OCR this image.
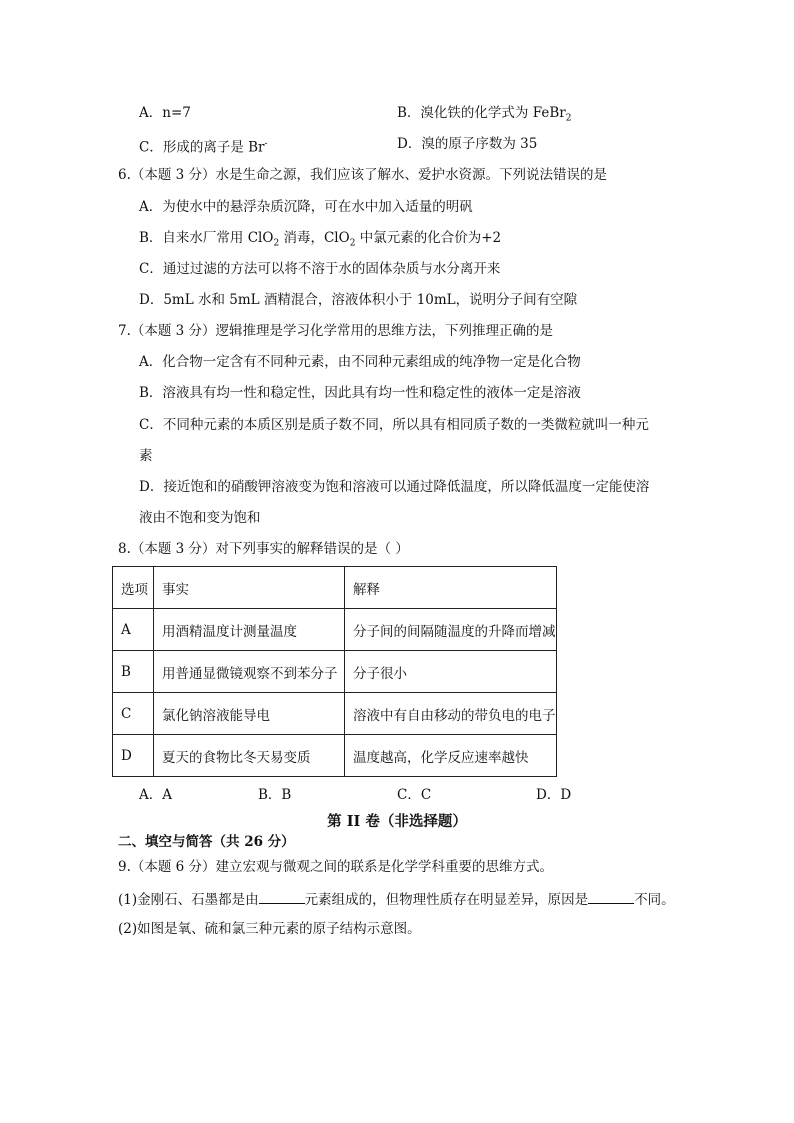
A．n=7	B．溴化铁的化学式为 FeBr$_2$
C．形成的离子是 Br-	D．溴的原子序数为 35
6.（本题 3 分）水是生命之源，我们应该了解水、爱护水资源。下列说法错误的是
A．为使水中的悬浮杂质沉降，可在水中加入适量的明矾
B．自来水厂常用 ClO$_2$ 消毒，ClO$_2$ 中氯元素的化合价为+2
C．通过过滤的方法可以将不溶于水的固体杂质与水分离开来
D．5mL 水和 5mL 酒精混合，溶液体积小于 10mL，说明分子间有空隙
7.（本题 3 分）逻辑推理是学习化学常用的思维方法，下列推理正确的是
A．化合物一定含有不同种元素，由不同种元素组成的纯净物一定是化合物
B．溶液具有均一性和稳定性，因此具有均一性和稳定性的液体一定是溶液
C．不同种元素的本质区别是质子数不同，所以具有相同质子数的一类微粒就叫一种元
素
D．接近饱和的硝酸钾溶液变为饱和溶液可以通过降低温度，所以降低温度一定能使溶
液由不饱和变为饱和
8.（本题 3 分）对下列事实的解释错误的是（ ）
选项	事实	解释
A	用酒精温度计测量温度	分子间的间隔随温度的升降而增减
B	用普通显微镜观察不到苯分子	分子很小
C	氯化钠溶液能导电	溶液中有自由移动的带负电的电子
D	夏天的食物比冬天易变质	温度越高，化学反应速率越快
A．A	B．B	C．C	D．D
第 II 卷（非选择题）
二、填空与简答（共 26 分）
9.（本题 6 分）建立宏观与微观之间的联系是化学学科重要的思维方式。
(1)金刚石、石墨都是由	元素组成的，但物理性质存在明显差异，原因是	不同。
(2)如图是氧、硫和氯三种元素的原子结构示意图。
